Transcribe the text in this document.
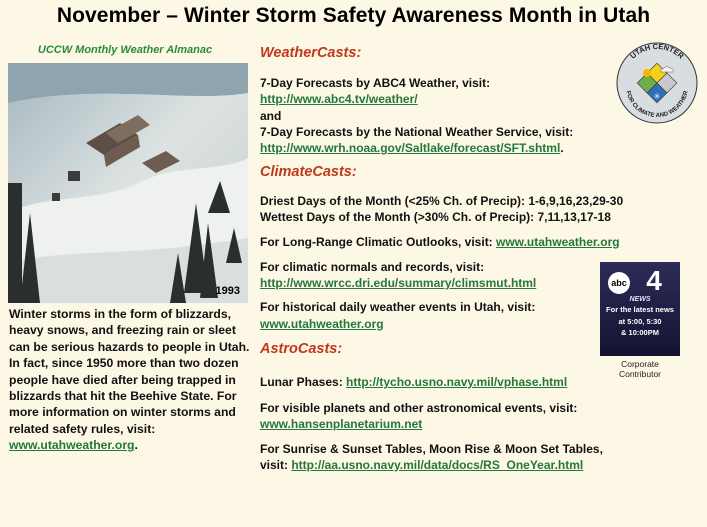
November – Winter Storm Safety Awareness Month in Utah
UCCW Monthly Weather Almanac
1993
Winter storms in the form of blizzards, heavy snows, and freezing rain or sleet can be serious hazards to people in Utah. In fact, since 1950 more than two dozen people have died after being trapped in blizzards that hit the Beehive State. For more information on winter storms and related safety rules, visit: www.utahweather.org.
WeatherCasts:
7-Day Forecasts by ABC4 Weather, visit:
http://www.abc4.tv/weather/
and
7-Day Forecasts by the National Weather Service, visit:
http://www.wrh.noaa.gov/Saltlake/forecast/SFT.shtml.
ClimateCasts:
Driest Days of the Month (<25% Ch. of Precip): 1-6,9,16,23,29-30
Wettest Days of the Month (>30% Ch. of Precip): 7,11,13,17-18
For Long-Range Climatic Outlooks, visit: www.utahweather.org
For climatic normals and records, visit:
http://www.wrcc.dri.edu/summary/climsmut.html
For historical daily weather events in Utah, visit:
www.utahweather.org
AstroCasts:
Lunar Phases: http://tycho.usno.navy.mil/vphase.html
For visible planets and other astronomical events, visit:
www.hansenplanetarium.net
For Sunrise & Sunset Tables, Moon Rise & Moon Set Tables,
visit: http://aa.usno.navy.mil/data/docs/RS_OneYear.html
UTAH CENTER
FOR CLIMATE AND WEATHER
✳
abc 4
NEWS
For the latest news
at 5:00, 5:30
& 10:00PM
Corporate
Contributor
